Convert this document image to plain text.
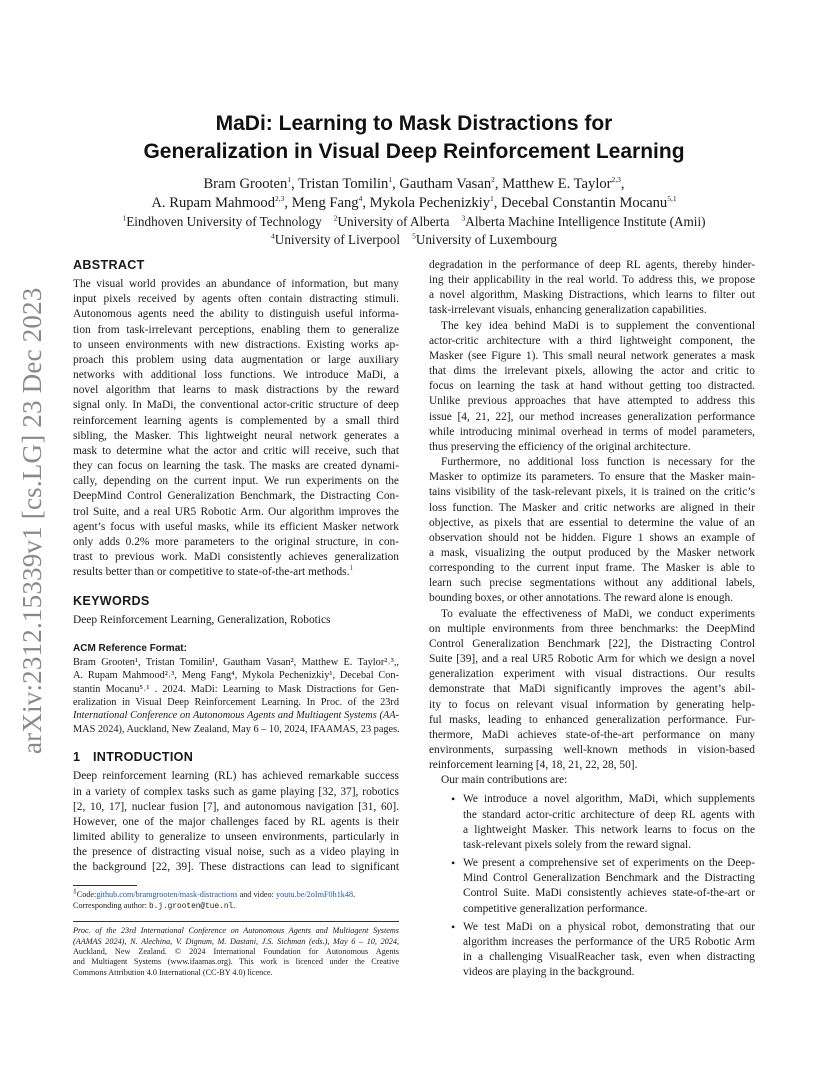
arXiv:2312.15339v1 [cs.LG] 23 Dec 2023
MaDi: Learning to Mask Distractions for
Generalization in Visual Deep Reinforcement Learning
Bram Grooten$^1$, Tristan Tomilin$^1$, Gautham Vasan$^2$, Matthew E. Taylor$^{2,3}$,
A. Rupam Mahmood$^{2,3}$, Meng Fang$^4$, Mykola Pechenizkiy$^1$, Decebal Constantin Mocanu$^{5,1}$
$^1$Eindhoven University of Technology $^2$University of Alberta $^3$Alberta Machine Intelligence Institute (Amii)
$^4$University of Liverpool $^5$University of Luxembourg
ABSTRACT
The visual world provides an abundance of information, but many
input pixels received by agents often contain distracting stimuli.
Autonomous agents need the ability to distinguish useful informa-
tion from task-irrelevant perceptions, enabling them to generalize
to unseen environments with new distractions. Existing works ap-
proach this problem using data augmentation or large auxiliary
networks with additional loss functions. We introduce MaDi, a
novel algorithm that learns to mask distractions by the reward
signal only. In MaDi, the conventional actor-critic structure of deep
reinforcement learning agents is complemented by a small third
sibling, the Masker. This lightweight neural network generates a
mask to determine what the actor and critic will receive, such that
they can focus on learning the task. The masks are created dynami-
cally, depending on the current input. We run experiments on the
DeepMind Control Generalization Benchmark, the Distracting Con-
trol Suite, and a real UR5 Robotic Arm. Our algorithm improves the
agent’s focus with useful masks, while its efficient Masker network
only adds 0.2% more parameters to the original structure, in con-
trast to previous work. MaDi consistently achieves generalization
results better than or competitive to state-of-the-art methods.$^1$
KEYWORDS
Deep Reinforcement Learning, Generalization, Robotics
ACM Reference Format:
Bram Grooten¹, Tristan Tomilin¹, Gautham Vasan², Matthew E. Taylor²˒³,,
A. Rupam Mahmood²˒³, Meng Fang⁴, Mykola Pechenizkiy¹, Decebal Con-
stantin Mocanu⁵˒¹ . 2024. MaDi: Learning to Mask Distractions for Gen-
eralization in Visual Deep Reinforcement Learning. In Proc. of the 23rd
International Conference on Autonomous Agents and Multiagent Systems (AA-
MAS 2024), Auckland, New Zealand, May 6 – 10, 2024, IFAAMAS, 23 pages.
1 INTRODUCTION
Deep reinforcement learning (RL) has achieved remarkable success
in a variety of complex tasks such as game playing [32, 37], robotics
[2, 10, 17], nuclear fusion [7], and autonomous navigation [31, 60].
However, one of the major challenges faced by RL agents is their
limited ability to generalize to unseen environments, particularly in
the presence of distracting visual noise, such as a video playing in
the background [22, 39]. These distractions can lead to significant
$^1$Code:github.com/bramgrooten/mask-distractions and video: youtu.be/2oImF0h1k48.
Corresponding author: b.j.grooten@tue.nl.
Proc. of the 23rd International Conference on Autonomous Agents and Multiagent Systems
(AAMAS 2024), N. Alechina, V. Dignum, M. Dastani, J.S. Sichman (eds.), May 6 – 10, 2024,
Auckland, New Zealand. © 2024 International Foundation for Autonomous Agents
and Multiagent Systems (www.ifaamas.org). This work is licenced under the Creative
Commons Attribution 4.0 International (CC-BY 4.0) licence.
degradation in the performance of deep RL agents, thereby hinder-
ing their applicability in the real world. To address this, we propose
a novel algorithm, Masking Distractions, which learns to filter out
task-irrelevant visuals, enhancing generalization capabilities.
The key idea behind MaDi is to supplement the conventional
actor-critic architecture with a third lightweight component, the
Masker (see Figure 1). This small neural network generates a mask
that dims the irrelevant pixels, allowing the actor and critic to
focus on learning the task at hand without getting too distracted.
Unlike previous approaches that have attempted to address this
issue [4, 21, 22], our method increases generalization performance
while introducing minimal overhead in terms of model parameters,
thus preserving the efficiency of the original architecture.
Furthermore, no additional loss function is necessary for the
Masker to optimize its parameters. To ensure that the Masker main-
tains visibility of the task-relevant pixels, it is trained on the critic’s
loss function. The Masker and critic networks are aligned in their
objective, as pixels that are essential to determine the value of an
observation should not be hidden. Figure 1 shows an example of
a mask, visualizing the output produced by the Masker network
corresponding to the current input frame. The Masker is able to
learn such precise segmentations without any additional labels,
bounding boxes, or other annotations. The reward alone is enough.
To evaluate the effectiveness of MaDi, we conduct experiments
on multiple environments from three benchmarks: the DeepMind
Control Generalization Benchmark [22], the Distracting Control
Suite [39], and a real UR5 Robotic Arm for which we design a novel
generalization experiment with visual distractions. Our results
demonstrate that MaDi significantly improves the agent’s abil-
ity to focus on relevant visual information by generating help-
ful masks, leading to enhanced generalization performance. Fur-
thermore, MaDi achieves state-of-the-art performance on many
environments, surpassing well-known methods in vision-based
reinforcement learning [4, 18, 21, 22, 28, 50].
Our main contributions are:
• We introduce a novel algorithm, MaDi, which supplements
the standard actor-critic architecture of deep RL agents with
a lightweight Masker. This network learns to focus on the
task-relevant pixels solely from the reward signal.
• We present a comprehensive set of experiments on the Deep-
Mind Control Generalization Benchmark and the Distracting
Control Suite. MaDi consistently achieves state-of-the-art or
competitive generalization performance.
• We test MaDi on a physical robot, demonstrating that our
algorithm increases the performance of the UR5 Robotic Arm
in a challenging VisualReacher task, even when distracting
videos are playing in the background.
